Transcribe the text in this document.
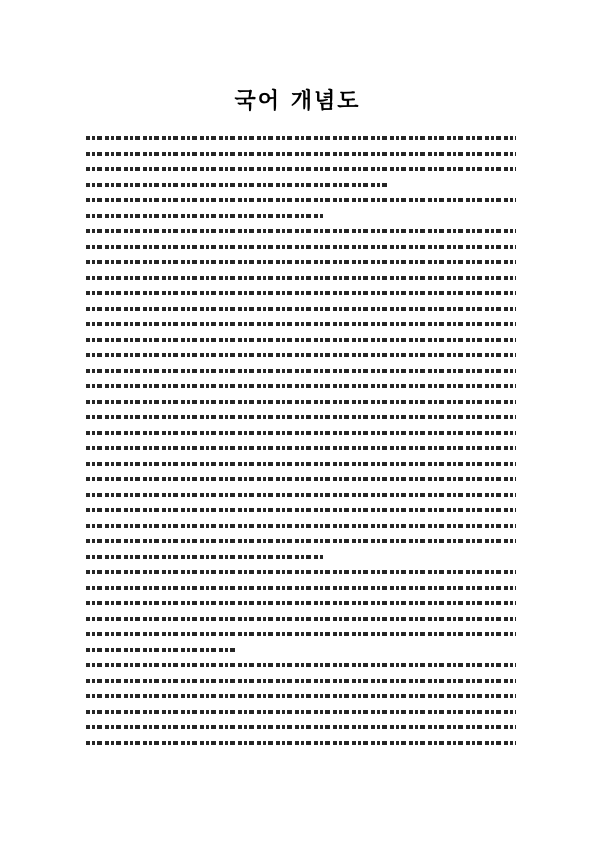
국어 개념도
